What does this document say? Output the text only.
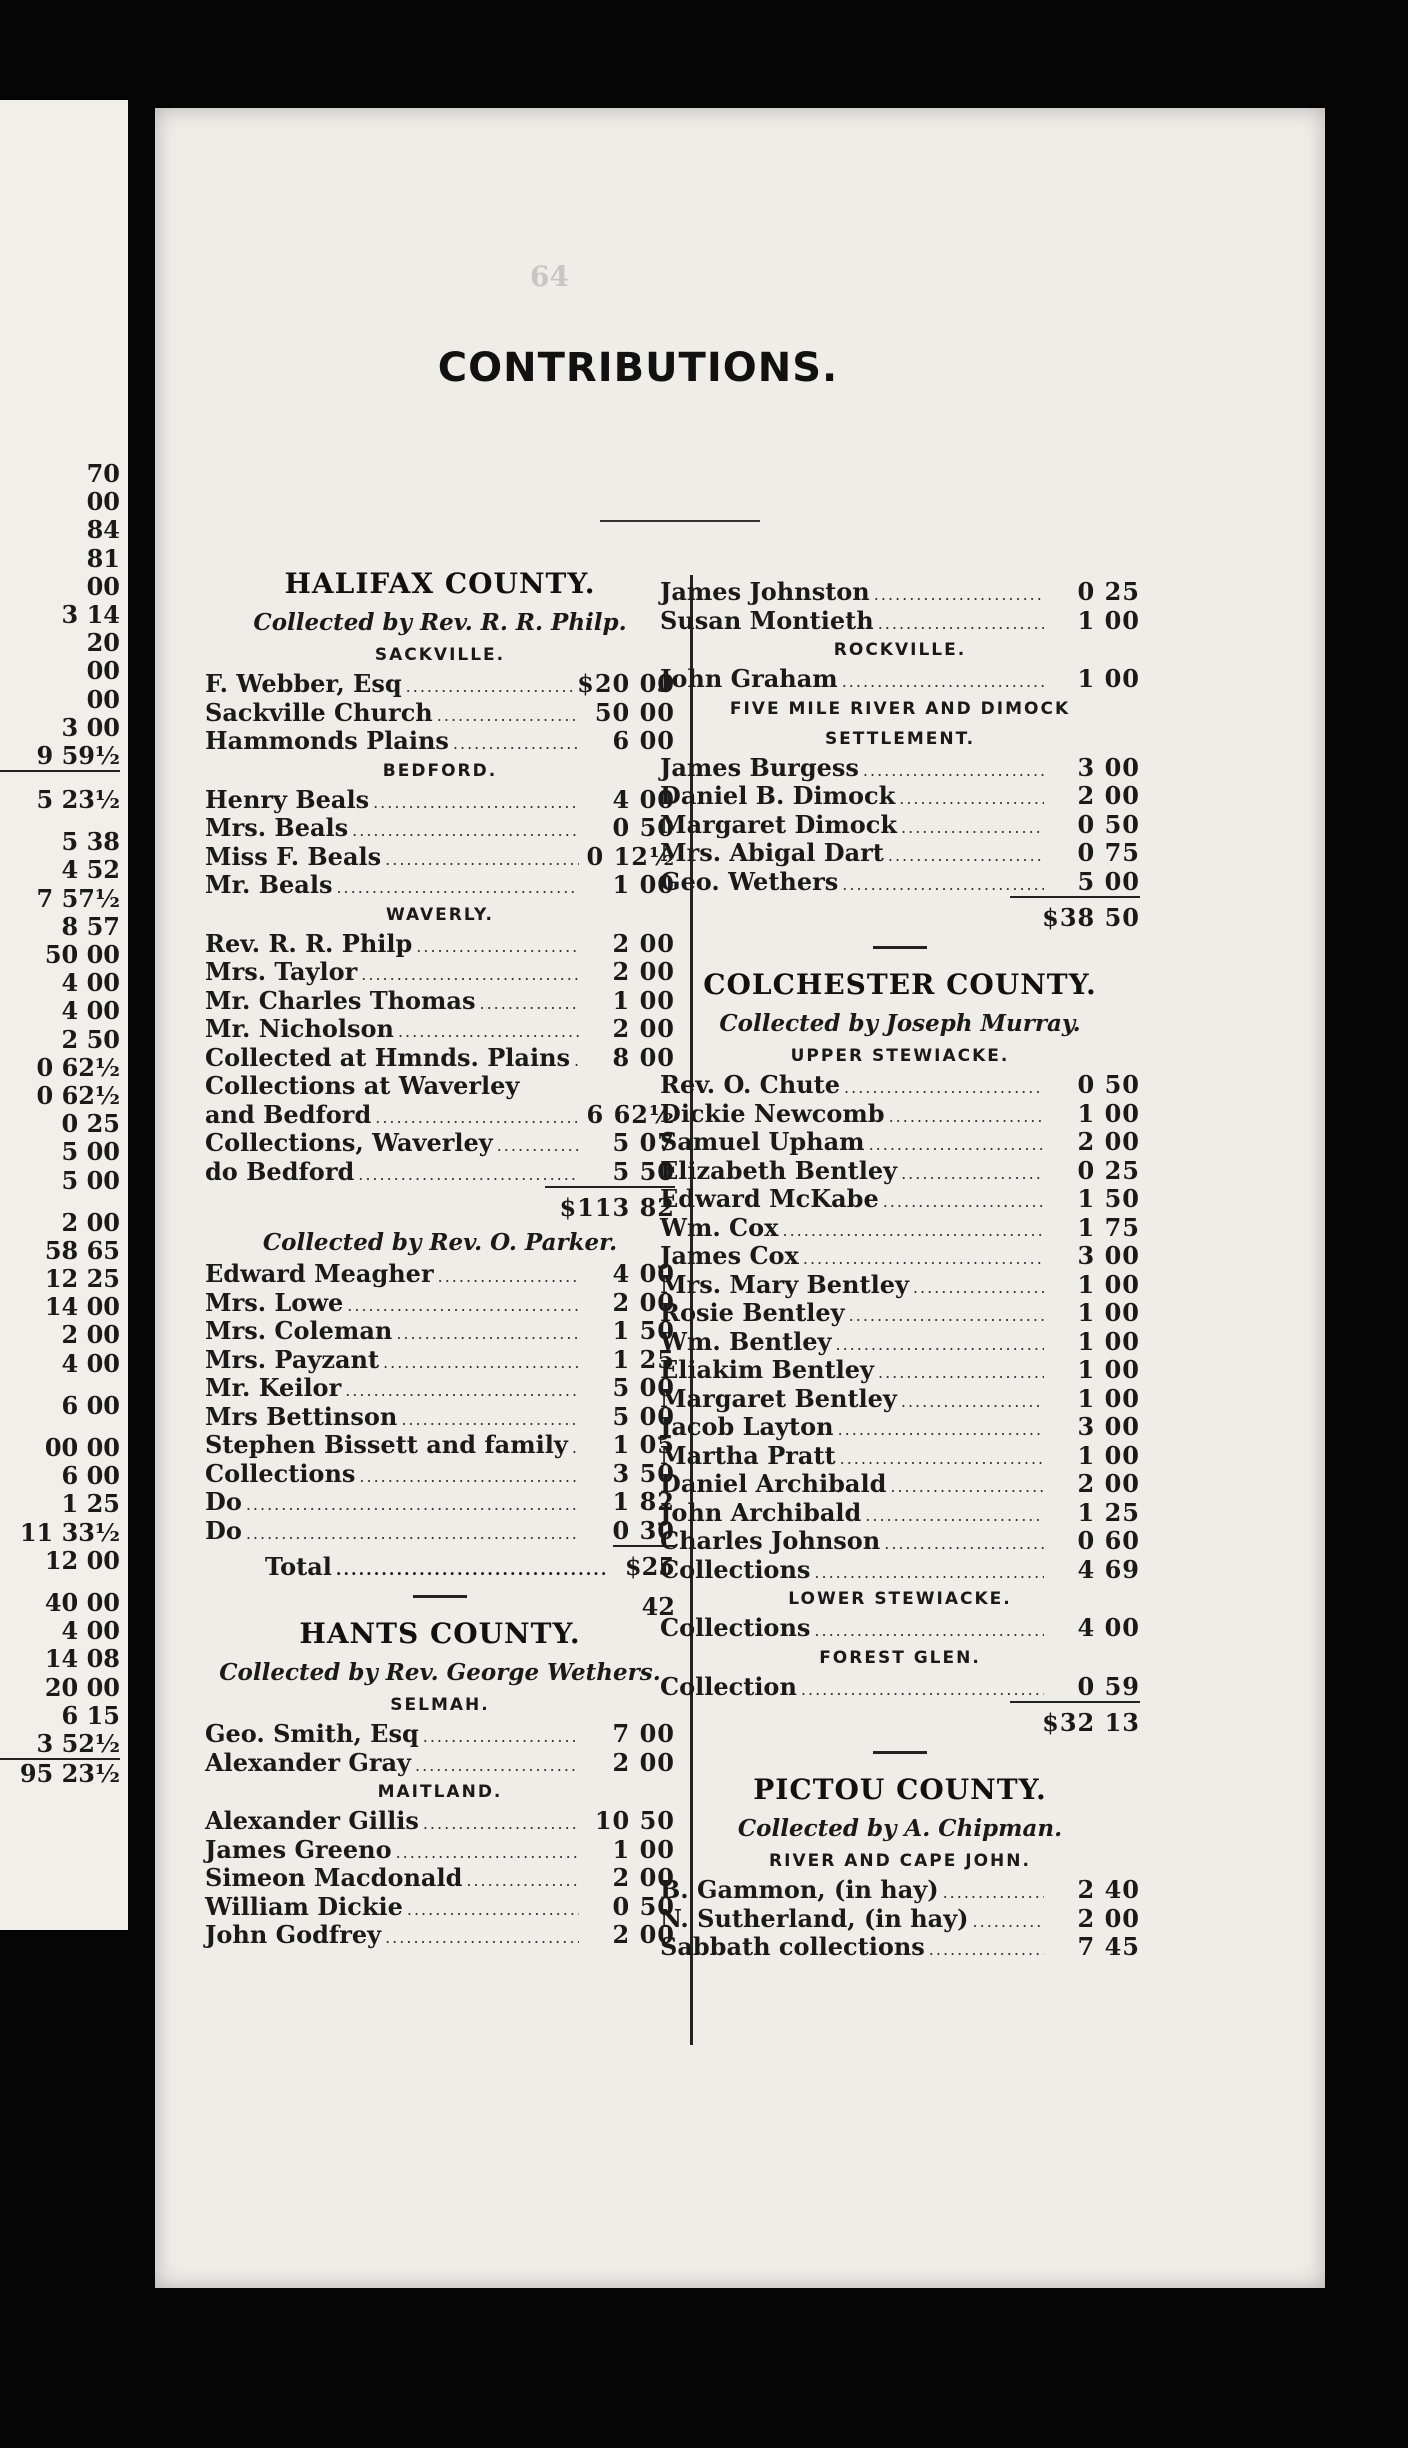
70
00
84
81
00
3 14
20
00
00
3 00
9 59½
5 23½
5 38
4 52
7 57½
8 57
50 00
4 00
4 00
2 50
0 62½
0 62½
0 25
5 00
5 00
2 00
58 65
12 25
14 00
2 00
4 00
6 00
00 00
6 00
1 25
11 33½
12 00
40 00
4 00
14 08
20 00
6 15
3 52½
95 23½
64
CONTRIBUTIONS.
HALIFAX COUNTY.
Collected by Rev. R. R. Philp.
SACKVILLE.
F. Webber, Esq .....	$20 00
Sackville Church .....	50 00
Hammonds Plains .....	6 00
BEDFORD.
Henry Beals .....	4 00
Mrs. Beals .....	0 50
Miss F. Beals .....	0 12½
Mr. Beals .....	1 00
WAVERLY.
Rev. R. R. Philp .....	2 00
Mrs. Taylor .....	2 00
Mr. Charles Thomas .....	1 00
Mr. Nicholson .....	2 00
Collected at Hmnds. Plains .....	8 00
Collections at Waverley
and Bedford .....	6 62½
Collections, Waverley .....	5 07
do Bedford .....	5 50
$113 82
Collected by Rev. O. Parker.
Edward Meagher .....	4 00
Mrs. Lowe .....	2 00
Mrs. Coleman .....	1 50
Mrs. Payzant .....	1 25
Mr. Keilor .....	5 00
Mrs Bettinson .....	5 00
Stephen Bissett and family .....	1 05
Collections .....	3 50
Do .....	1 82
Do .....	0 30
Total .....	$25 42
HANTS COUNTY.
Collected by Rev. George Wethers.
SELMAH.
Geo. Smith, Esq .....	7 00
Alexander Gray .....	2 00
MAITLAND.
Alexander Gillis .....	10 50
James Greeno .....	1 00
Simeon Macdonald .....	2 00
William Dickie .....	0 50
John Godfrey .....	2 00
James Johnston .....	0 25
Susan Montieth .....	1 00
ROCKVILLE.
John Graham .....	1 00
FIVE MILE RIVER AND DIMOCK
SETTLEMENT.
James Burgess .....	3 00
Daniel B. Dimock .....	2 00
Margaret Dimock .....	0 50
Mrs. Abigal Dart .....	0 75
Geo. Wethers .....	5 00
$38 50
COLCHESTER COUNTY.
Collected by Joseph Murray.
UPPER STEWIACKE.
Rev. O. Chute .....	0 50
Dickie Newcomb .....	1 00
Samuel Upham .....	2 00
Elizabeth Bentley .....	0 25
Edward McKabe .....	1 50
Wm. Cox .....	1 75
James Cox .....	3 00
Mrs. Mary Bentley .....	1 00
Rosie Bentley .....	1 00
Wm. Bentley .....	1 00
Eliakim Bentley .....	1 00
Margaret Bentley .....	1 00
Jacob Layton .....	3 00
Martha Pratt .....	1 00
Daniel Archibald .....	2 00
John Archibald .....	1 25
Charles Johnson .....	0 60
Collections .....	4 69
LOWER STEWIACKE.
Collections .....	4 00
FOREST GLEN.
Collection .....	0 59
$32 13
PICTOU COUNTY.
Collected by A. Chipman.
RIVER AND CAPE JOHN.
B. Gammon, (in hay) .....	2 40
N. Sutherland, (in hay) .....	2 00
Sabbath collections .....	7 45
